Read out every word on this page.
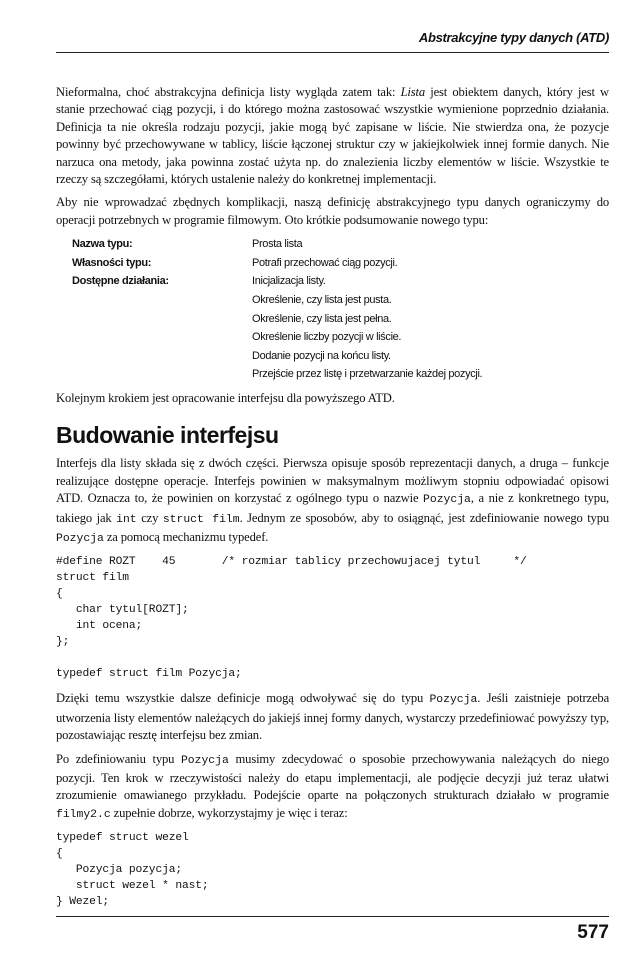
Abstrakcyjne typy danych (ATD)

Nieformalna, choć abstrakcyjna definicja listy wygląda zatem tak: Lista jest obiektem danych, który jest w stanie przechować ciąg pozycji, i do którego można zastosować wszystkie wymienione poprzednio działania. Definicja ta nie określa rodzaju pozycji, jakie mogą być zapisane w liście. Nie stwierdza ona, że pozycje powinny być przechowywane w tablicy, liście łączonej struktur czy w jakiejkolwiek innej formie danych. Nie narzuca ona metody, jaka powinna zostać użyta np. do znalezienia liczby elementów w liście. Wszystkie te rzeczy są szczegółami, których ustalenie należy do konkretnej implementacji.

Aby nie wprowadzać zbędnych komplikacji, naszą definicję abstrakcyjnego typu danych ograniczymy do operacji potrzebnych w programie filmowym. Oto krótkie podsumowanie nowego typu:

Nazwa typu:	Prosta lista
Własności typu:	Potrafi przechować ciąg pozycji.
Dostępne działania:	Inicjalizacja listy.
Określenie, czy lista jest pusta.
Określenie, czy lista jest pełna.
Określenie liczby pozycji w liście.
Dodanie pozycji na końcu listy.
Przejście przez listę i przetwarzanie każdej pozycji.

Kolejnym krokiem jest opracowanie interfejsu dla powyższego ATD.

Budowanie interfejsu

Interfejs dla listy składa się z dwóch części. Pierwsza opisuje sposób reprezentacji danych, a druga – funkcje realizujące dostępne operacje. Interfejs powinien w maksymalnym możliwym stopniu odpowiadać opisowi ATD. Oznacza to, że powinien on korzystać z ogólnego typu o nazwie Pozycja, a nie z konkretnego typu, takiego jak int czy struct film. Jednym ze sposobów, aby to osiągnąć, jest zdefiniowanie nowego typu Pozycja za pomocą mechanizmu typedef.

#define ROZT    45       /* rozmiar tablicy przechowujacej tytul     */
struct film
{
char tytul[ROZT];
int ocena;
};

typedef struct film Pozycja;

Dzięki temu wszystkie dalsze definicje mogą odwoływać się do typu Pozycja. Jeśli zaistnieje potrzeba utworzenia listy elementów należących do jakiejś innej formy danych, wystarczy przedefiniować powyższy typ, pozostawiając resztę interfejsu bez zmian.

Po zdefiniowaniu typu Pozycja musimy zdecydować o sposobie przechowywania należących do niego pozycji. Ten krok w rzeczywistości należy do etapu implementacji, ale podjęcie decyzji już teraz ułatwi zrozumienie omawianego przykładu. Podejście oparte na połączonych strukturach działało w programie filmy2.c zupełnie dobrze, wykorzystajmy je więc i teraz:

typedef struct wezel
{
Pozycja pozycja;
struct wezel * nast;
} Wezel;
577
